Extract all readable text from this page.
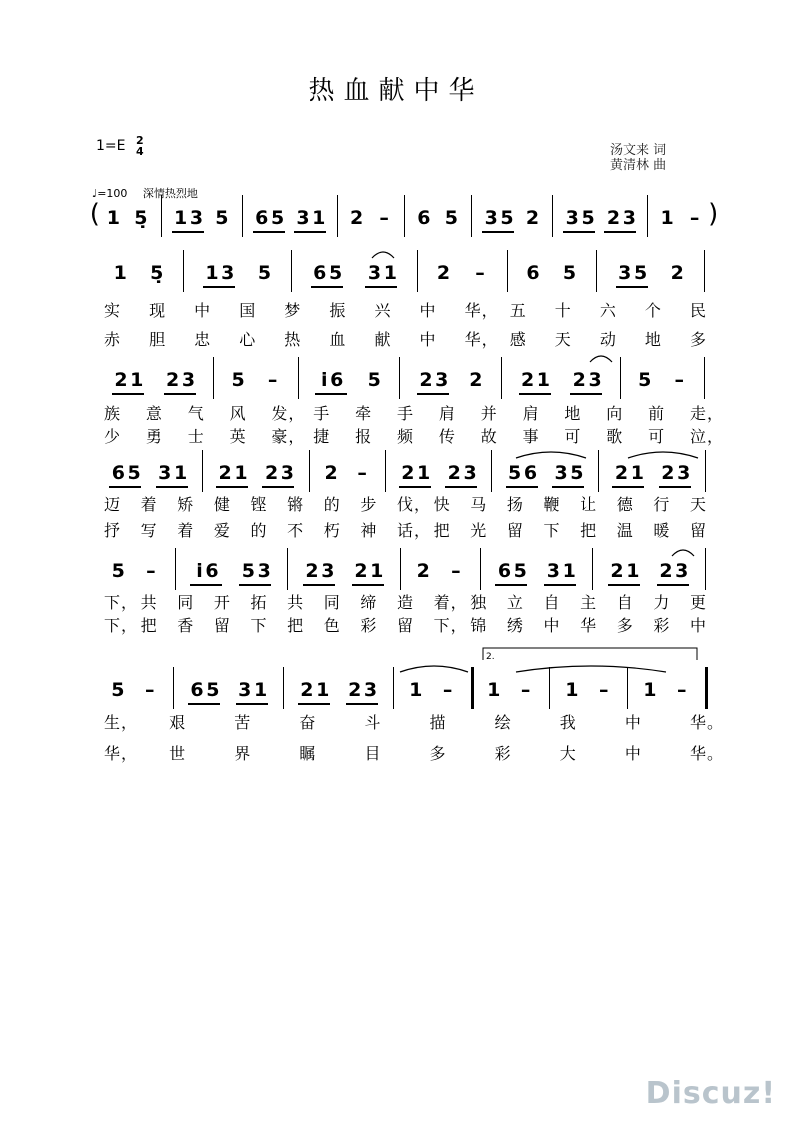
热血献中华
1=E 2
4	汤文来 词
黄清林 曲
♩=100 深情热烈地
Discuz!
( 1 5̣ 1 3 5 6 5 3 1 2 – 6 5 3 5 2 3 5 2 3 1 – )
1 5̣ 1 3 5 6 5 3 1 2 – 6 5 3 5 2
实 现 中 国 梦 振 兴 中 华， 五 十 六 个 民
赤 胆 忠 心 热 血 献 中 华， 感 天 动 地 多
2 1 2 3 5 –	i 6	5 2 3 2 2 1 2 3 5 –
族 意 气 风 发， 手 牵 手 肩 并 肩 地 向 前 走，
少 勇 士 英 豪， 捷 报 频 传 故 事 可 歌 可 泣，
6 5 3 1 2 1 2 3 2 – 2 1 2 3 5 6 3 5 2 1 2 3
迈 着 矫 健 铿 锵 的 步 伐， 快 马 扬 鞭 让 德 行 天
抒 写 着 爱 的 不 朽 神 话， 把 光 留 下 把 温 暖 留
5 –	i 6	5 3 2 3 2 1 2 – 6 5 3 1 2 1 2 3
下， 共 同 开 拓 共 同 缔 造 着， 独 立 自 主 自 力 更
下， 把 香 留 下 把 色 彩 留 下， 锦 绣 中 华 多 彩 中
5 – 6 5 3 1 2 1 2 3 1 – 1 – 1 – 1 –
生， 艰	苦	奋	斗	描	绘	我	中	华。
华， 世	界	瞩	目	多	彩	大	中	华。
2.
